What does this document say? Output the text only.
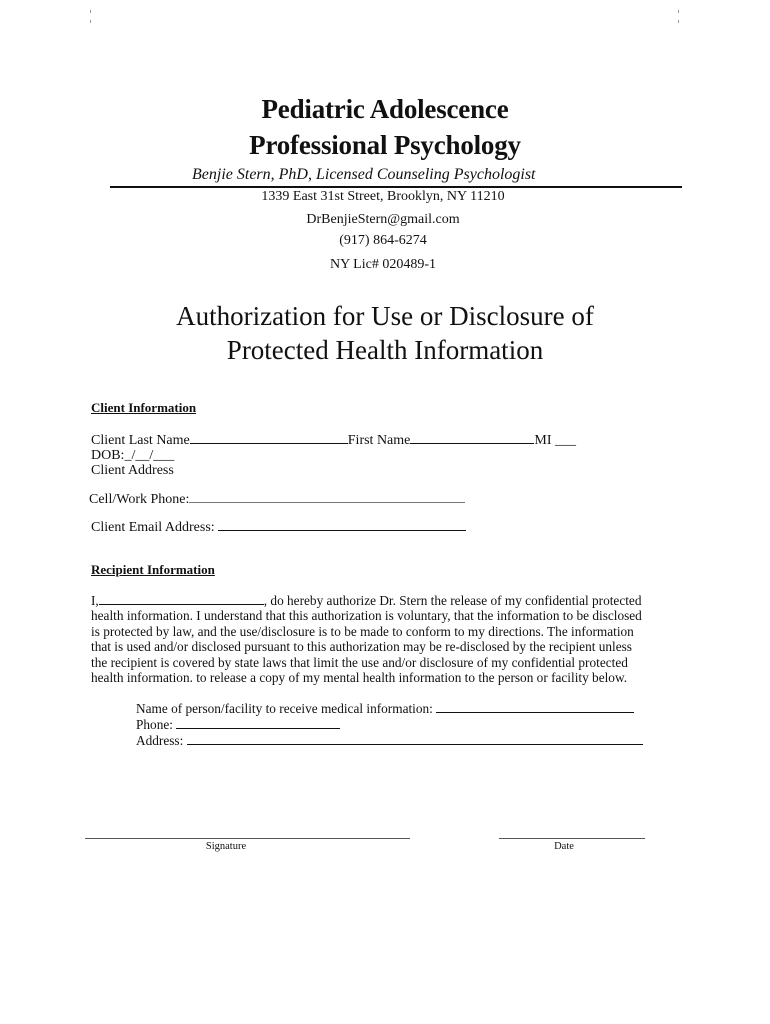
Pediatric Adolescence
Professional Psychology
Benjie Stern, PhD, Licensed Counseling Psychologist
1339 East 31st Street, Brooklyn, NY 11210
DrBenjieStern@gmail.com
(917) 864-6274
NY Lic# 020489-1
Authorization for Use or Disclosure of
Protected Health Information
Client Information
Client Last Name	First Name	MI ___
DOB:_/__/___
Client Address
Cell/Work Phone:
Client Email Address:
Recipient Information

I,	, do hereby authorize Dr. Stern the release of my confidential protected

health information. I understand that this authorization is voluntary, that the information to be disclosed

is protected by law, and the use/disclosure is to be made to conform to my directions. The information

that is used and/or disclosed pursuant to this authorization may be re-disclosed by the recipient unless

the recipient is covered by state laws that limit the use and/or disclosure of my confidential protected

health information. to release a copy of my mental health information to the person or facility below.

Name of person/facility to receive medical information:
Phone:
Address:
Signature	Date
